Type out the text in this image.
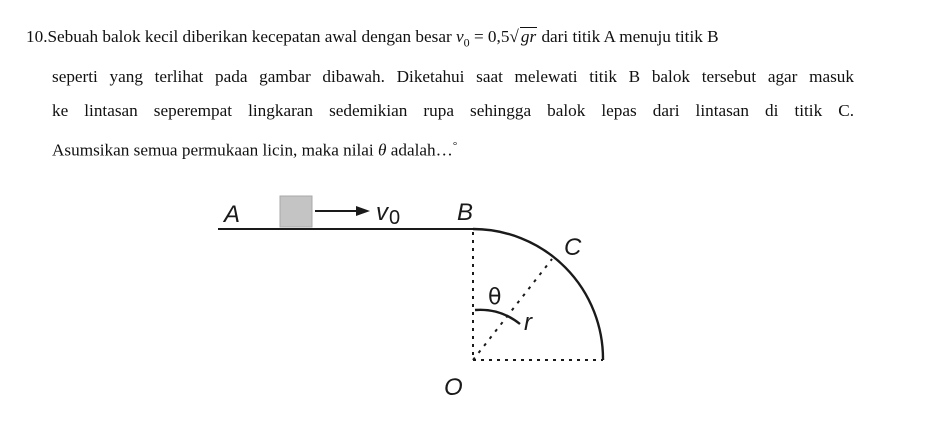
10.Sebuah balok kecil diberikan kecepatan awal dengan besar $v_0 = 0,5√$ gr dari titik A menuju titik B
seperti yang terlihat pada gambar dibawah. Diketahui saat melewati titik B balok tersebut agar masuk
ke lintasan seperempat lingkaran sedemikian rupa sehingga balok lepas dari lintasan di titik C.
Asumsikan semua permukaan licin, maka nilai θ adalah…°

A	B
C
O
r
θ
v0
